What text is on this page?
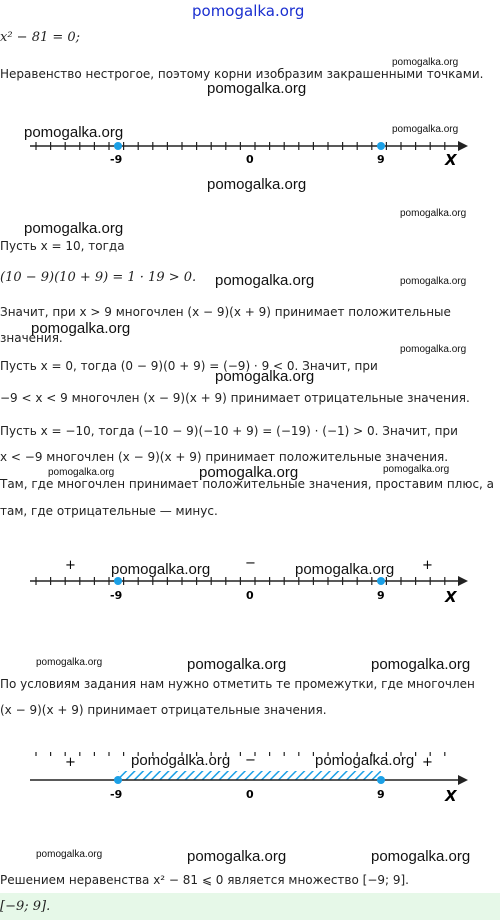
pomogalka.org
x² − 81 = 0;
Неравенство нестрогое, поэтому корни изобразим закрашенными точками.
Пусть x = 10, тогда
(10 − 9)(10 + 9) = 1 · 19 > 0.
Значит, при x > 9 многочлен (x − 9)(x + 9) принимает положительные
значения.
Пусть x = 0, тогда (0 − 9)(0 + 9) = (−9) · 9 < 0. Значит, при
−9 < x < 9 многочлен (x − 9)(x + 9) принимает отрицательные значения.
Пусть x = −10, тогда (−10 − 9)(−10 + 9) = (−19) · (−1) > 0. Значит, при
x < −9 многочлен (x − 9)(x + 9) принимает положительные значения.
Там, где многочлен принимает положительные значения, проставим плюс, а
там, где отрицательные — минус.
По условиям задания нам нужно отметить те промежутки, где многочлен
(x − 9)(x + 9) принимает отрицательные значения.
Решением неравенства x² − 81 ⩽ 0 является множество [−9; 9].
[−9; 9].
-9	0	9	X
+	−	+
-9	0	9	X
+	−	+
-9	0	9	X
pomogalka.org
pomogalka.org
pomogalka.org	pomogalka.org
pomogalka.org
pomogalka.org
pomogalka.org
pomogalka.org	pomogalka.org
pomogalka.org
pomogalka.org
pomogalka.org
pomogalka.org	pomogalka.org	pomogalka.org
pomogalka.org	pomogalka.org
pomogalka.org	pomogalka.org	pomogalka.org
pomogalka.org	pomogalka.org
pomogalka.org	pomogalka.org	pomogalka.org
